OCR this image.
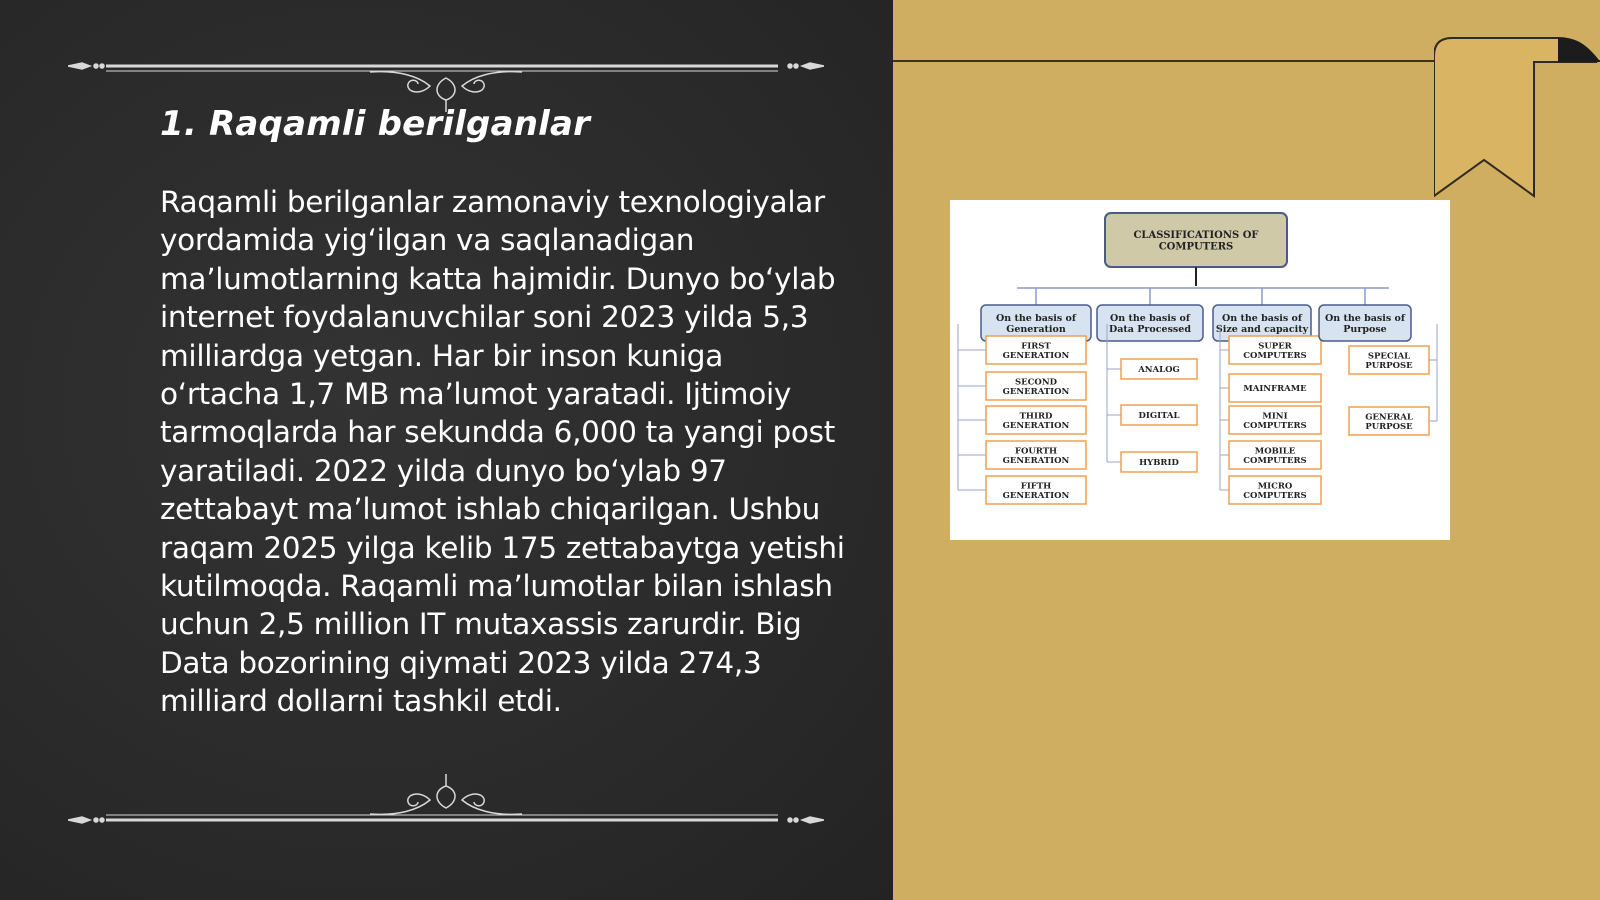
1. Raqamli berilganlar

Raqamli berilganlar zamonaviy texnologiyalar yordamida yig‘ilgan va saqlanadigan ma’lumotlarning katta hajmidir. Dunyo bo‘ylab internet foydalanuvchilar soni 2023 yilda 5,3 milliardga yetgan. Har bir inson kuniga o‘rtacha 1,7 MB ma’lumot yaratadi. Ijtimoiy tarmoqlarda har sekundda 6,000 ta yangi post yaratiladi. 2022 yilda dunyo bo‘ylab 97 zettabayt ma’lumot ishlab chiqarilgan. Ushbu raqam 2025 yilga kelib 175 zettabaytga yetishi kutilmoqda. Raqamli ma’lumotlar bilan ishlash uchun 2,5 million IT mutaxassis zarurdir. Big Data bozorining qiymati 2023 yilda 274,3 milliard dollarni tashkil etdi.

CLASSIFICATIONS OF COMPUTERS
On the basis of Generation
FIRST GENERATION
SECOND GENERATION
THIRD GENERATION
FOURTH GENERATION
FIFTH GENERATION
On the basis of Data Processed
ANALOG
DIGITAL
HYBRID
On the basis of Size and capacity
SUPER COMPUTERS
MAINFRAME
MINI COMPUTERS
MOBILE COMPUTERS
MICRO COMPUTERS
On the basis of Purpose
SPECIAL PURPOSE
GENERAL PURPOSE
